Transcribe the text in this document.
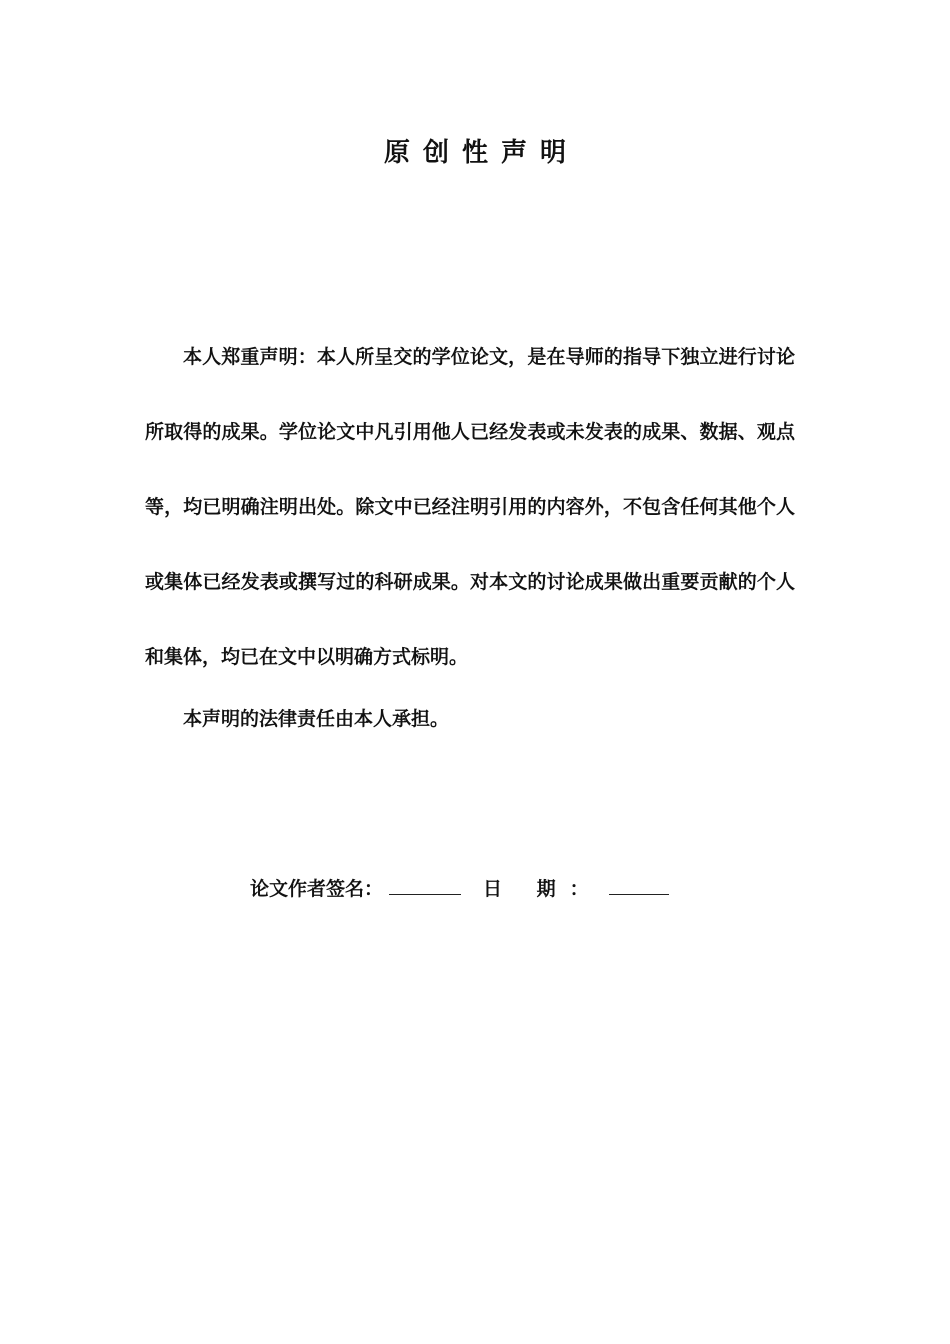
原创性声明
本人郑重声明：本人所呈交的学位论文，是在导师的指导下独立进行讨论
所取得的成果。学位论文中凡引用他人已经发表或未发表的成果、数据、观点
等，均已明确注明出处。除文中已经注明引用的内容外，不包含任何其他个人
或集体已经发表或撰写过的科研成果。对本文的讨论成果做出重要贡献的个人
和集体，均已在文中以明确方式标明。
本声明的法律责任由本人承担。
论文作者签名：	日 期：
